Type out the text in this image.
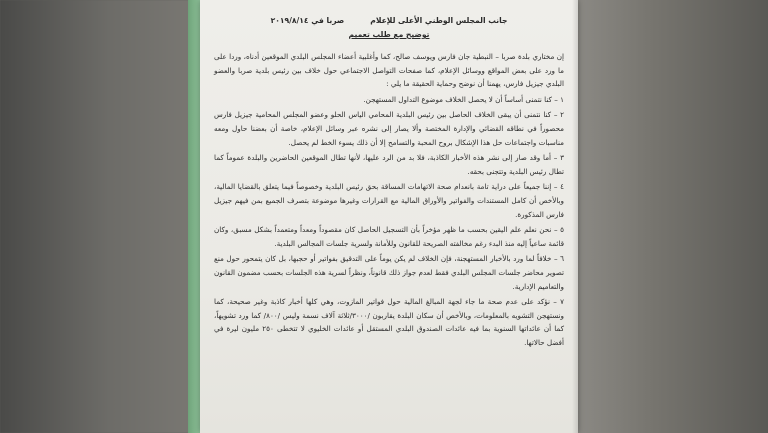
جانب المجلس الوطني الأعلى للإعلام
صربا في ٢٠١٩/٨/١٤
توضيح مع طلب تعميم

إن مختاري بلدة صربا – النبطية جان فارس ويوسف صالح، كما وأغلبية أعضاء المجلس البلدي الموقعين أدناه، وردا على ما ورد على بعض المواقع ووسائل الإعلام، كما صفحات التواصل الاجتماعي حول خلاف بين رئيس بلدية صربا والعضو البلدي جيزيل فارس، يهمنا أن نوضح وحماية الحقيقة ما يلي :

١ – كنا نتمنى أساساً أن لا يحصل الخلاف موضوع التداول المستهجن.

٢ – كنا نتمنى أن يبقى الخلاف الحاصل بين رئيس البلدية المحامي الياس الحلو وعضو المجلس المحامية جيزيل فارس محصوراً في نطاقه القضائي والإدارة المختصة وألا يصار إلى نشره عبر وسائل الإعلام، خاصة أن بعضنا حاول ومعه مناسبات واجتماعات حل هذا الإشكال بروح المحبة والتسامح إلا أن ذلك يسوء الخط لم يحصل.

٣ – أما وقد صار إلى نشر هذه الأخبار الكاذبة، فلا بد من الرد عليها، لأنها تطال الموقعين الحاضرين والبلدة عموماً كما تطال رئيس البلدية وتتجنى بحقه.

٤ – إننا جميعاً على دراية تامة بانعدام صحة الاتهامات المساقة بحق رئيس البلدية وخصوصاً فيما يتعلق بالقضايا المالية، وبالأخص أن كامل المستندات والفواتير والأوراق المالية مع القرارات وغيرها موضوعة بتصرف الجميع بمن فيهم جيزيل فارس المذكورة.

٥ – نحن نعلم علم اليقين بحسب ما ظهر مؤخراً بأن التسجيل الحاصل كان مقصوداً ومعداً ومتعمداً بشكل مسبق، وكان قائمة ساعياً إليه منذ البدء رغم مخالفته الصريحة للقانون وللأمانة ولسرية جلسات المجالس البلدية.

٦ – خلافاً لما ورد بالأخبار المستهجنة، فإن الخلاف لم يكن يوماً على التدقيق بفواتير أو حجبها، بل كان يتمحور حول منع تصوير محاضر جلسات المجلس البلدي فقط لعدم جواز ذلك قانوناً، ونظراً لسرية هذه الجلسات بحسب مضمون القانون والتعاميم الإدارية.

٧ – نؤكد على عدم صحة ما جاء لجهة المبالغ المالية حول فواتير المازوت، وهي كلها أخبار كاذبة وغير صحيحة، كما ونستهجن التشويه بالمعلومات، وبالأخص أن سكان البلدة يقاربون /٣٠٠٠/ثلاثة آلاف نسمة وليس /٨٠٠/ كما ورد تشويهاً، كما أن عائداتها السنوية بما فيه عائدات الصندوق البلدي المستقل أو عائدات الخليوي لا تتخطى ٢٥٠ مليون ليرة في أفضل حالاتها.
